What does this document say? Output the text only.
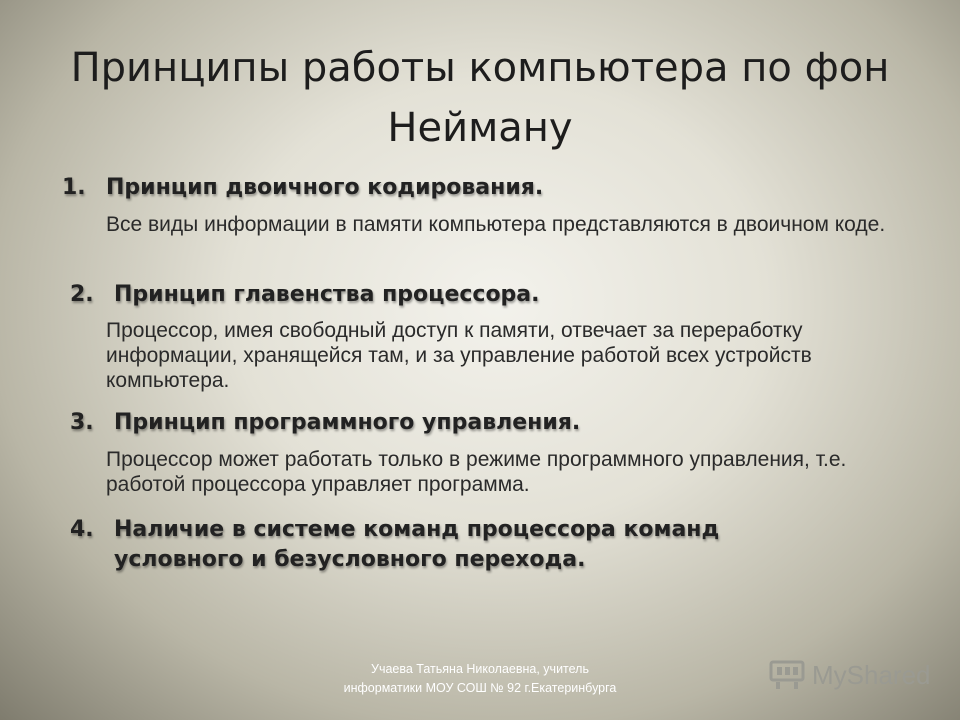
Принципы работы компьютера по фон Нейману
1. Принцип двоичного кодирования.
Все виды информации в памяти компьютера представляются в двоичном коде.
2. Принцип главенства процессора.
Процессор, имея свободный доступ к памяти, отвечает за переработку информации, хранящейся там, и за управление работой всех устройств компьютера.
3. Принцип программного управления.
Процессор может работать только в режиме программного управления, т.е. работой процессора управляет программа.
4. Наличие в системе команд процессора команд условного и безусловного перехода.
Учаева Татьяна Николаевна, учитель информатики МОУ СОШ № 92 г.Екатеринбурга	MyShared
